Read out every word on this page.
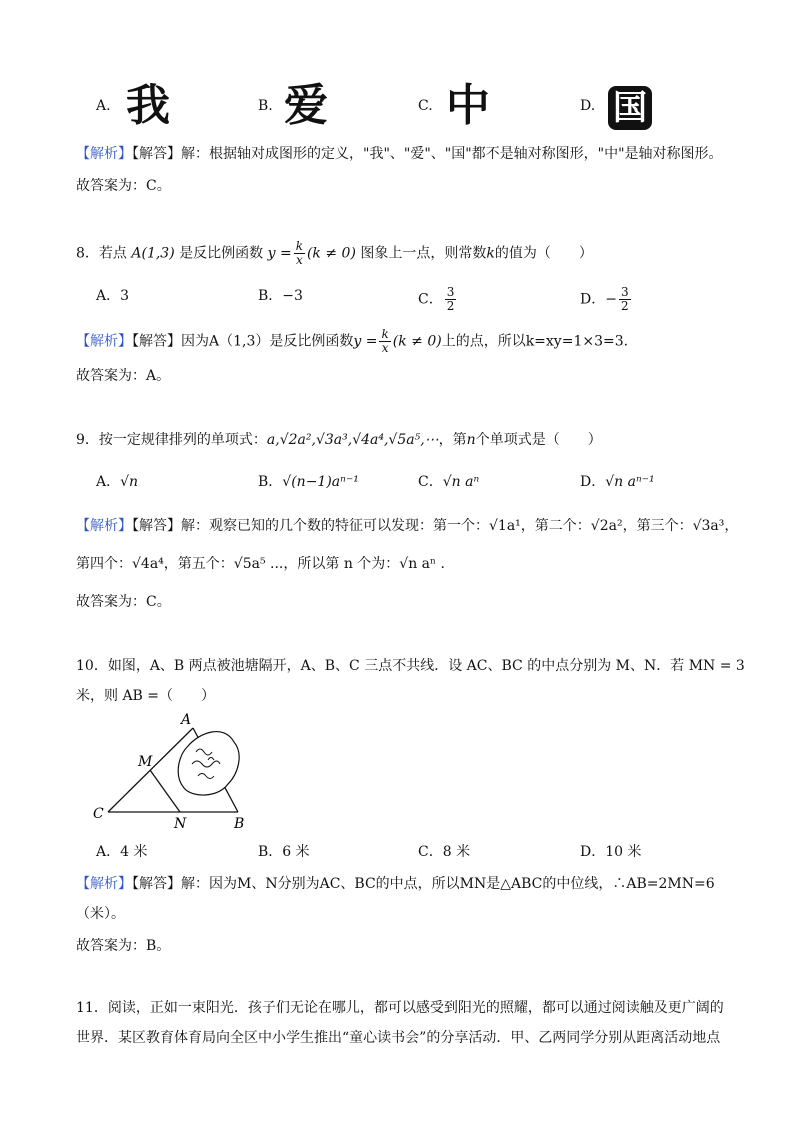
A. 我	B. 爱	C. 中	D. 国
【解析】【解答】解：根据轴对成图形的定义，"我"、"爱"、"国"都不是轴对称图形，"中"是轴对称图形。
故答案为：C。
8．若点 A(1,3) 是反比例函数 $y = \frac{k}{x} (k \ne 0)$ 图象上一点，则常数k的值为（　　）
A．3	B．−3	C． $\frac{3}{2}$	D．− $\frac{3}{2}$
【解析】【解答】因为A（1,3）是反比例函数$y = \frac{k}{x} (k \ne 0)$上的点，所以k=xy=1×3=3.
故答案为：A。
9．按一定规律排列的单项式：a,√2a²,√3a³,√4a⁴,√5a⁵,⋯，第n个单项式是（　　）
A．√n	B．√(n−1)aⁿ⁻¹	C．√n aⁿ	D．√n aⁿ⁻¹
【解析】【解答】解：观察已知的几个数的特征可以发现：第一个：√1a¹，第二个：√2a²，第三个：√3a³，
第四个：√4a⁴，第五个：√5a⁵ ...，所以第 n 个为：√n aⁿ .
故答案为：C。
10．如图，A、B 两点被池塘隔开，A、B、C 三点不共线．设 AC、BC 的中点分别为 M、N．若 MN = 3
米，则 AB =（　　）
A
M
C
N	B
A．4 米	B．6 米	C．8 米	D．10 米
【解析】【解答】解：因为M、N分别为AC、BC的中点，所以MN是△ABC的中位线，∴AB=2MN=6
（米）。
故答案为：B。
11．阅读，正如一束阳光．孩子们无论在哪儿，都可以感受到阳光的照耀，都可以通过阅读触及更广阔的
世界．某区教育体育局向全区中小学生推出“童心读书会”的分享活动．甲、乙两同学分别从距离活动地点
